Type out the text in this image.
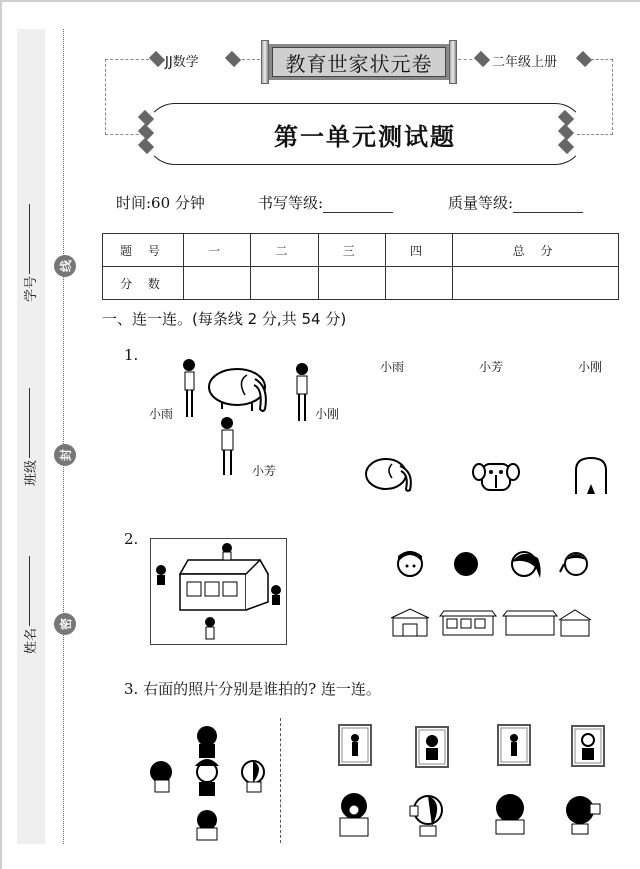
学号
班级
姓名
线
封
密
JJ数学	二年级上册
教育世家状元卷
第一单元测试题
时间:60 分钟	书写等级:	质量等级:
题 号	一	二	三	四	总 分
分 数					
一、连一连。(每条线 2 分,共 54 分)
1.
小雨	小刚
小芳
小雨	小芳	小刚
2.
3. 右面的照片分别是谁拍的? 连一连。
